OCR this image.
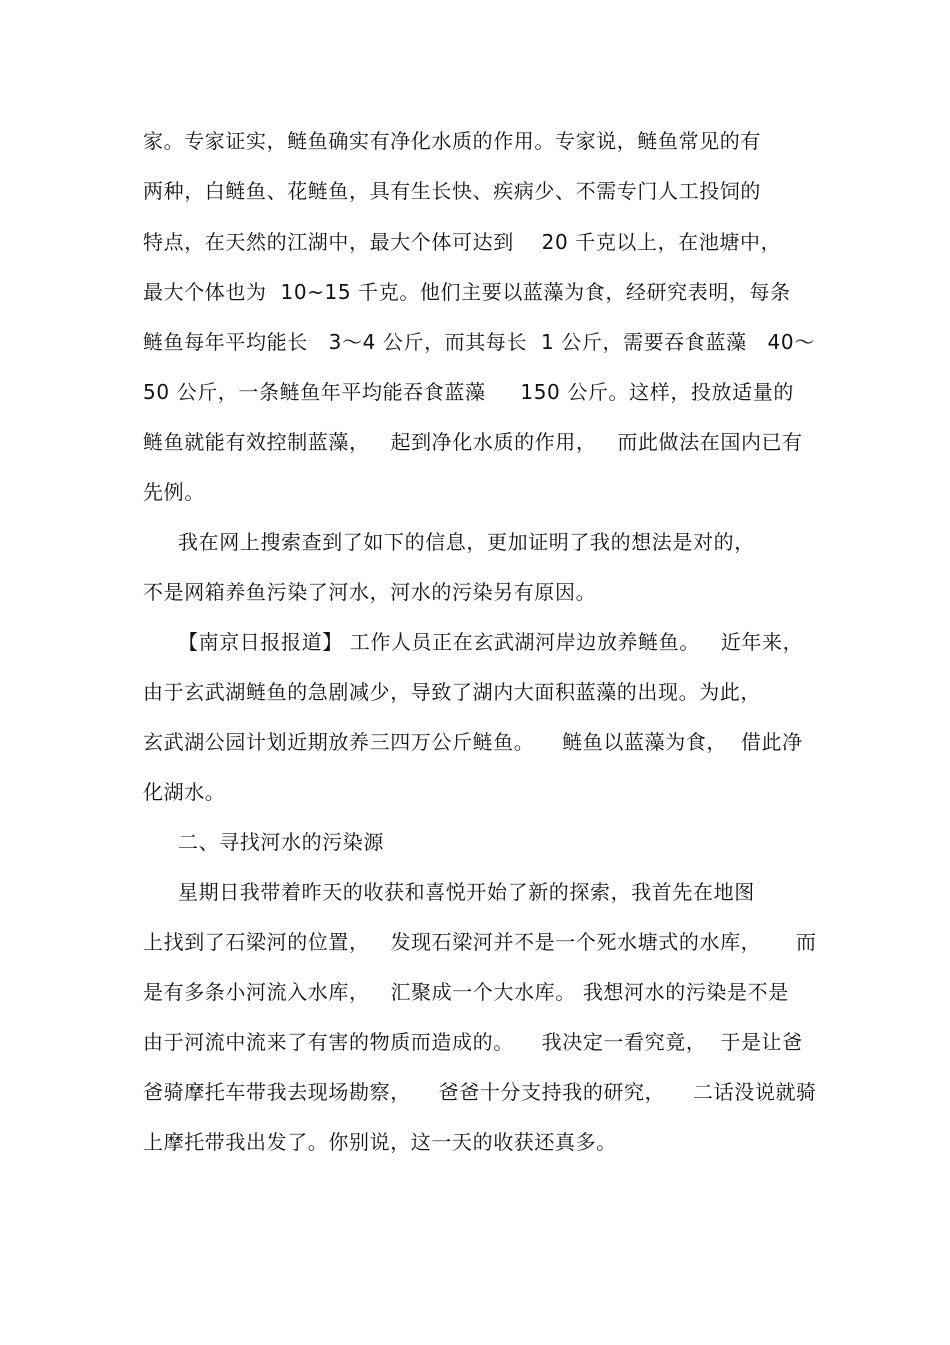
家。专家证实，鲢鱼确实有净化水质的作用。专家说，鲢鱼常见的有
两种，白鲢鱼、花鲢鱼，具有生长快、疾病少、不需专门人工投饲的
特点，在天然的江湖中，最大个体可达到    20 千克以上，在池塘中，
最大个体也为  10~15 千克。他们主要以蓝藻为食，经研究表明，每条
鲢鱼每年平均能长   3～4 公斤，而其每长  1 公斤，需要吞食蓝藻   40～
50 公斤，一条鲢鱼年平均能吞食蓝藻     150 公斤。这样，投放适量的
鲢鱼就能有效控制蓝藻，   起到净化水质的作用，   而此做法在国内已有
先例。
我在网上搜索查到了如下的信息，更加证明了我的想法是对的，
不是网箱养鱼污染了河水，河水的污染另有原因。
【南京日报报道】 工作人员正在玄武湖河岸边放养鲢鱼。   近年来，
由于玄武湖鲢鱼的急剧减少，导致了湖内大面积蓝藻的出现。为此，
玄武湖公园计划近期放养三四万公斤鲢鱼。    鲢鱼以蓝藻为食，  借此净
化湖水。
二、寻找河水的污染源
星期日我带着昨天的收获和喜悦开始了新的探索，我首先在地图
上找到了石梁河的位置，   发现石梁河并不是一个死水塘式的水库，     而
是有多条小河流入水库，   汇聚成一个大水库。 我想河水的污染是不是
由于河流中流来了有害的物质而造成的。    我决定一看究竟，  于是让爸
爸骑摩托车带我去现场勘察，    爸爸十分支持我的研究，    二话没说就骑
上摩托带我出发了。你别说，这一天的收获还真多。
